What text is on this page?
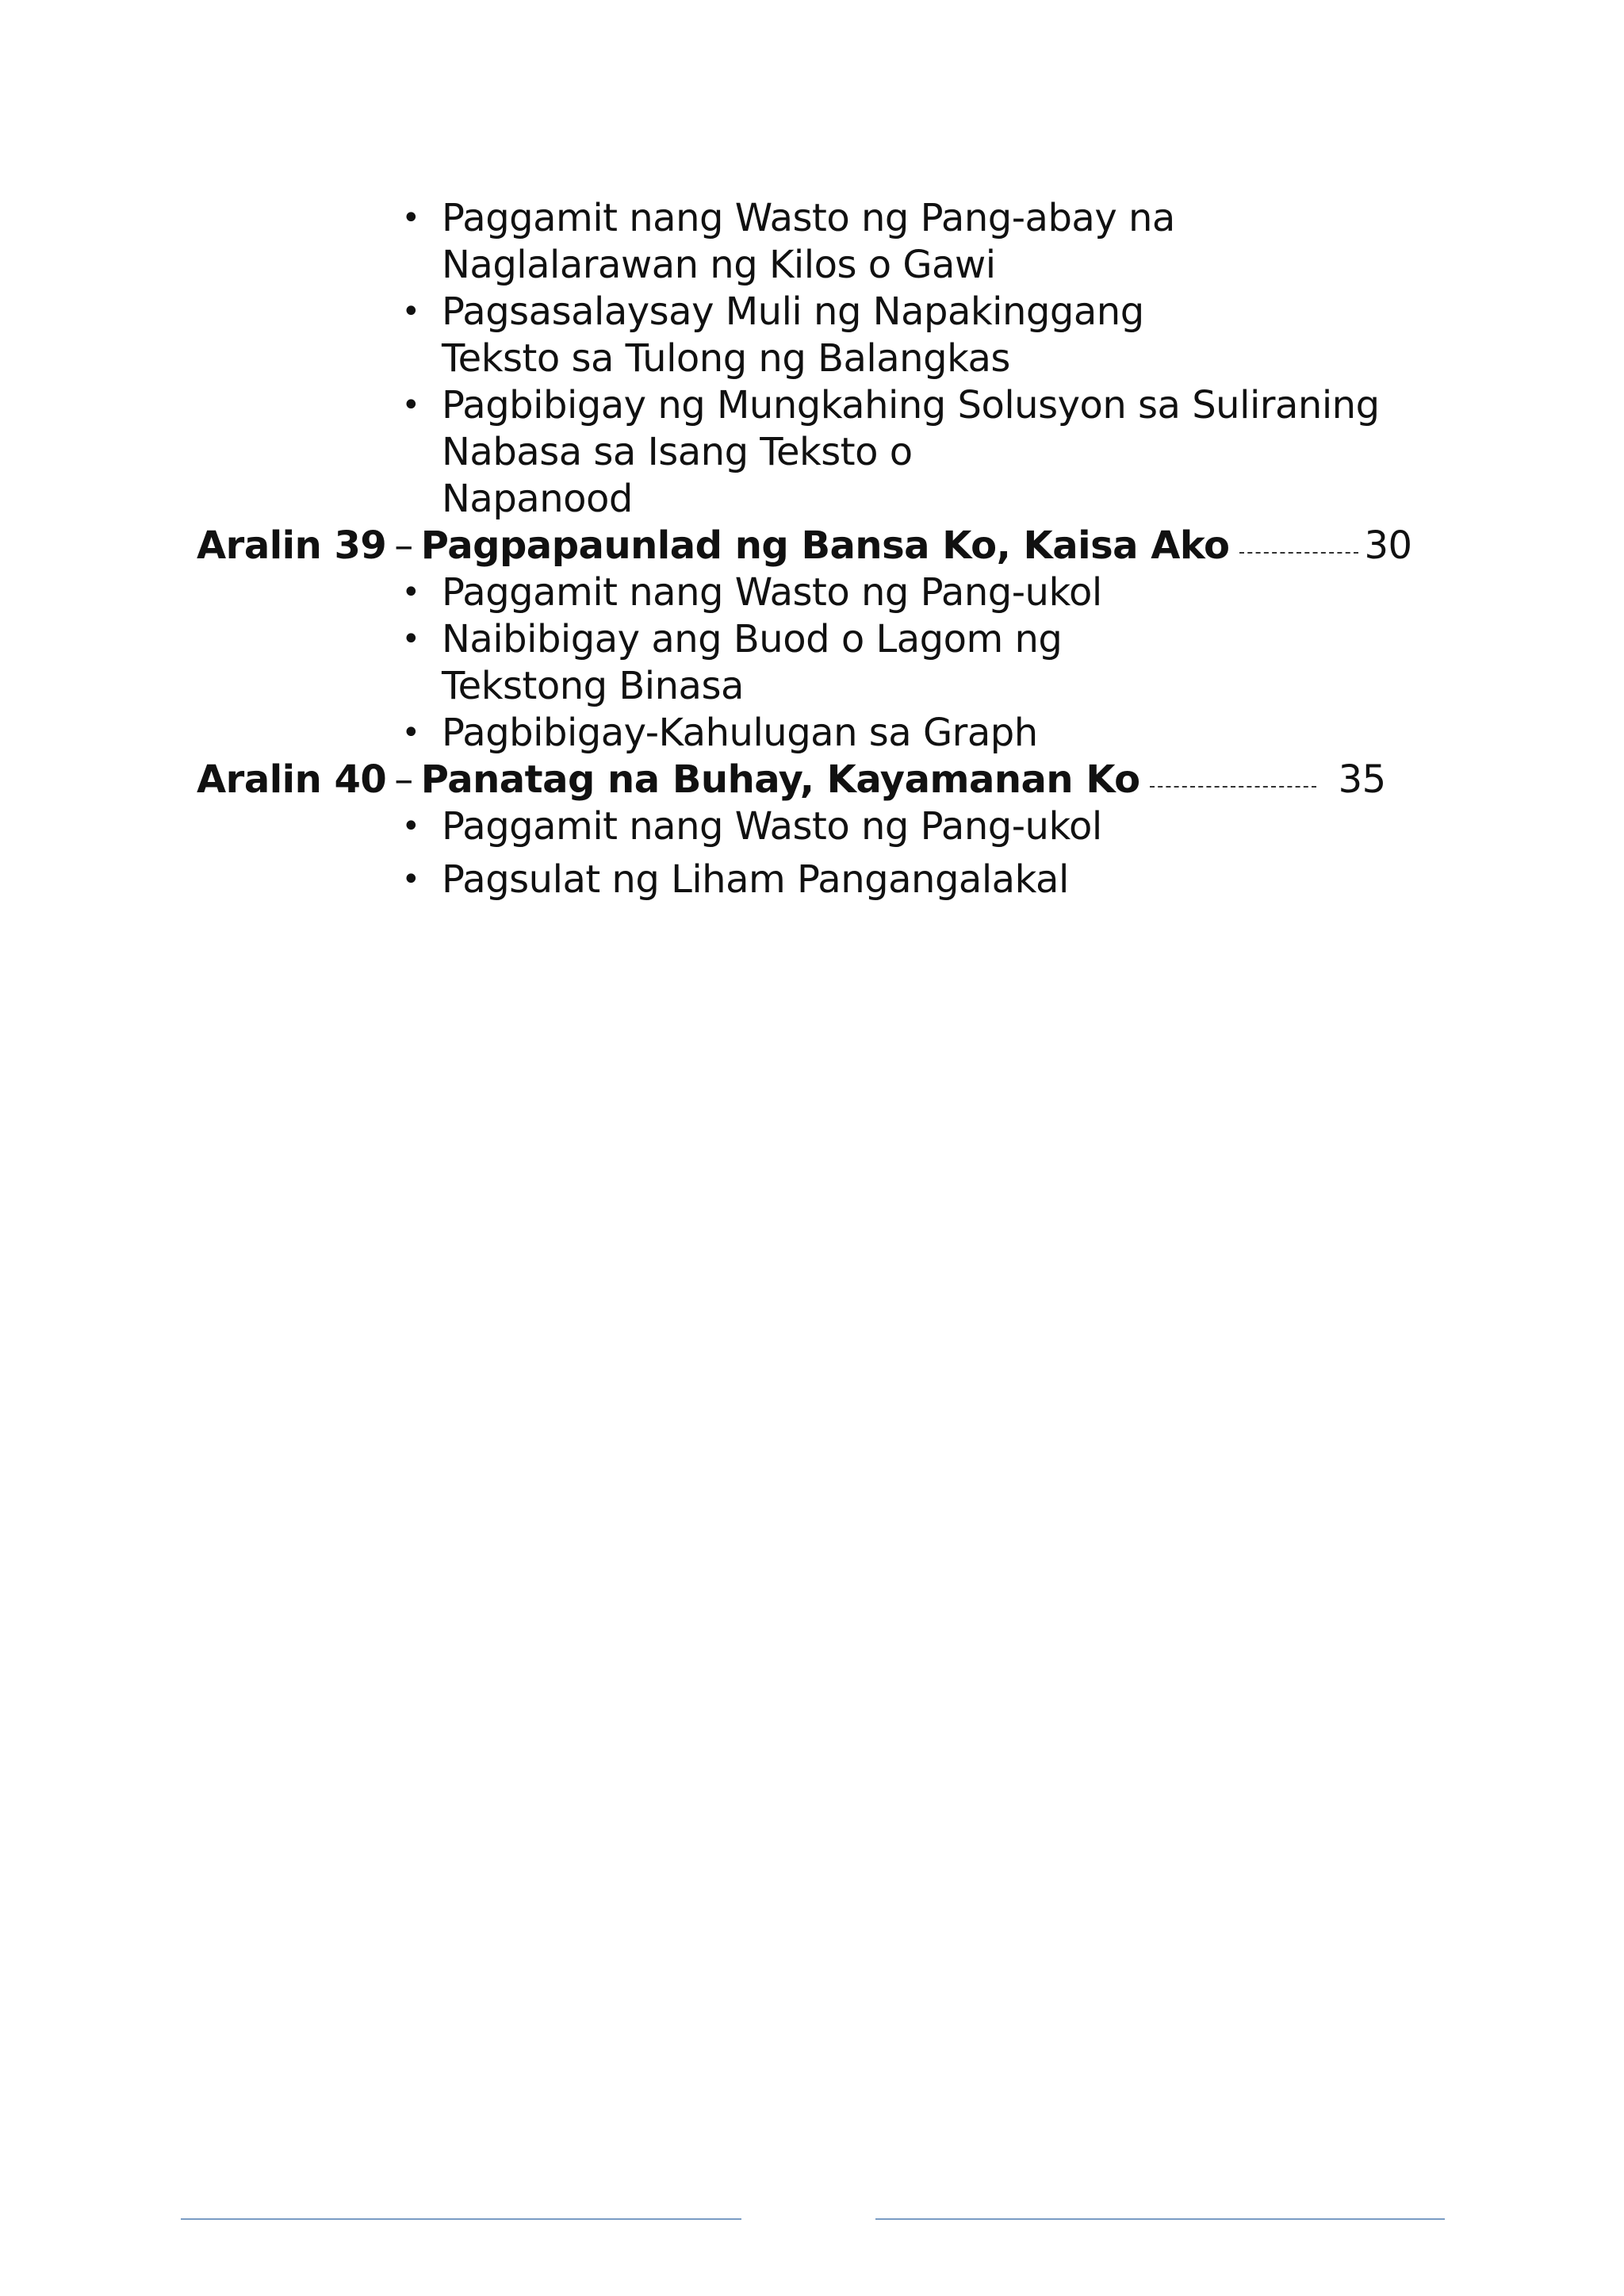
• Paggamit nang Wasto ng Pang-abay na
Naglalarawan ng Kilos o Gawi
• Pagsasalaysay Muli ng Napakinggang
Teksto sa Tulong ng Balangkas
• Pagbibigay ng Mungkahing Solusyon sa Suliraning
Nabasa sa Isang Teksto o
Napanood
Aralin 39 – Pagpapaunlad ng Bansa Ko, Kaisa Ako	30
• Paggamit nang Wasto ng Pang-ukol
• Naibibigay ang Buod o Lagom ng
Tekstong Binasa
• Pagbibigay-Kahulugan sa Graph
Aralin 40 – Panatag na Buhay, Kayamanan Ko	35
• Paggamit nang Wasto ng Pang-ukol
• Pagsulat ng Liham Pangangalakal
